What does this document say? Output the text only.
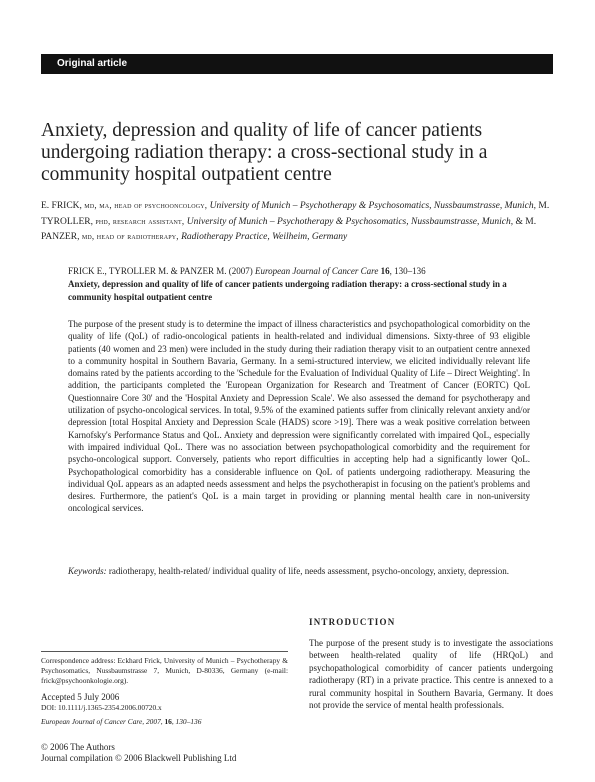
Original article
Anxiety, depression and quality of life of cancer patients undergoing radiation therapy: a cross-sectional study in a community hospital outpatient centre
E. FRICK, md, ma, head of psychooncology, University of Munich – Psychotherapy & Psychosomatics, Nussbaumstrasse, Munich, M. TYROLLER, phd, research assistant, University of Munich – Psychotherapy & Psychosomatics, Nussbaumstrasse, Munich, & M. PANZER, md, head of radiotherapy, Radiotherapy Practice, Weilheim, Germany
FRICK E., TYROLLER M. & PANZER M. (2007) European Journal of Cancer Care 16, 130–136
Anxiety, depression and quality of life of cancer patients undergoing radiation therapy: a cross-sectional study in a community hospital outpatient centre
The purpose of the present study is to determine the impact of illness characteristics and psychopathological comorbidity on the quality of life (QoL) of radio-oncological patients in health-related and individual dimensions. Sixty-three of 93 eligible patients (40 women and 23 men) were included in the study during their radiation therapy visit to an outpatient centre annexed to a community hospital in Southern Bavaria, Germany. In a semi-structured interview, we elicited individually relevant life domains rated by the patients according to the 'Schedule for the Evaluation of Individual Quality of Life – Direct Weighting'. In addition, the participants completed the 'European Organization for Research and Treatment of Cancer (EORTC) QoL Questionnaire Core 30' and the 'Hospital Anxiety and Depression Scale'. We also assessed the demand for psychotherapy and utilization of psycho-oncological services. In total, 9.5% of the examined patients suffer from clinically relevant anxiety and/or depression [total Hospital Anxiety and Depression Scale (HADS) score >19]. There was a weak positive correlation between Karnofsky's Performance Status and QoL. Anxiety and depression were significantly correlated with impaired QoL, especially with impaired individual QoL. There was no association between psychopathological comorbidity and the requirement for psycho-oncological support. Conversely, patients who report difficulties in accepting help had a significantly lower QoL. Psychopathological comorbidity has a considerable influence on QoL of patients undergoing radiotherapy. Measuring the individual QoL appears as an adapted needs assessment and helps the psychotherapist in focusing on the patient's problems and desires. Furthermore, the patient's QoL is a main target in providing or planning mental health care in non-university oncological services.
Keywords: radiotherapy, health-related/ individual quality of life, needs assessment, psycho-oncology, anxiety, depression.
INTRODUCTION
The purpose of the present study is to investigate the associations between health-related quality of life (HRQoL) and psychopathological comorbidity of cancer patients undergoing radiotherapy (RT) in a private practice. This centre is annexed to a rural community hospital in Southern Bavaria, Germany. It does not provide the service of mental health professionals.
Correspondence address: Eckhard Frick, University of Munich – Psychotherapy & Psychosomatics, Nussbaumstrasse 7, Munich, D-80336, Germany (e-mail: frick@psychoonkologie.org).
Accepted 5 July 2006
DOI: 10.1111/j.1365-2354.2006.00720.x
European Journal of Cancer Care, 2007, 16, 130–136
© 2006 The Authors
Journal compilation © 2006 Blackwell Publishing Ltd
